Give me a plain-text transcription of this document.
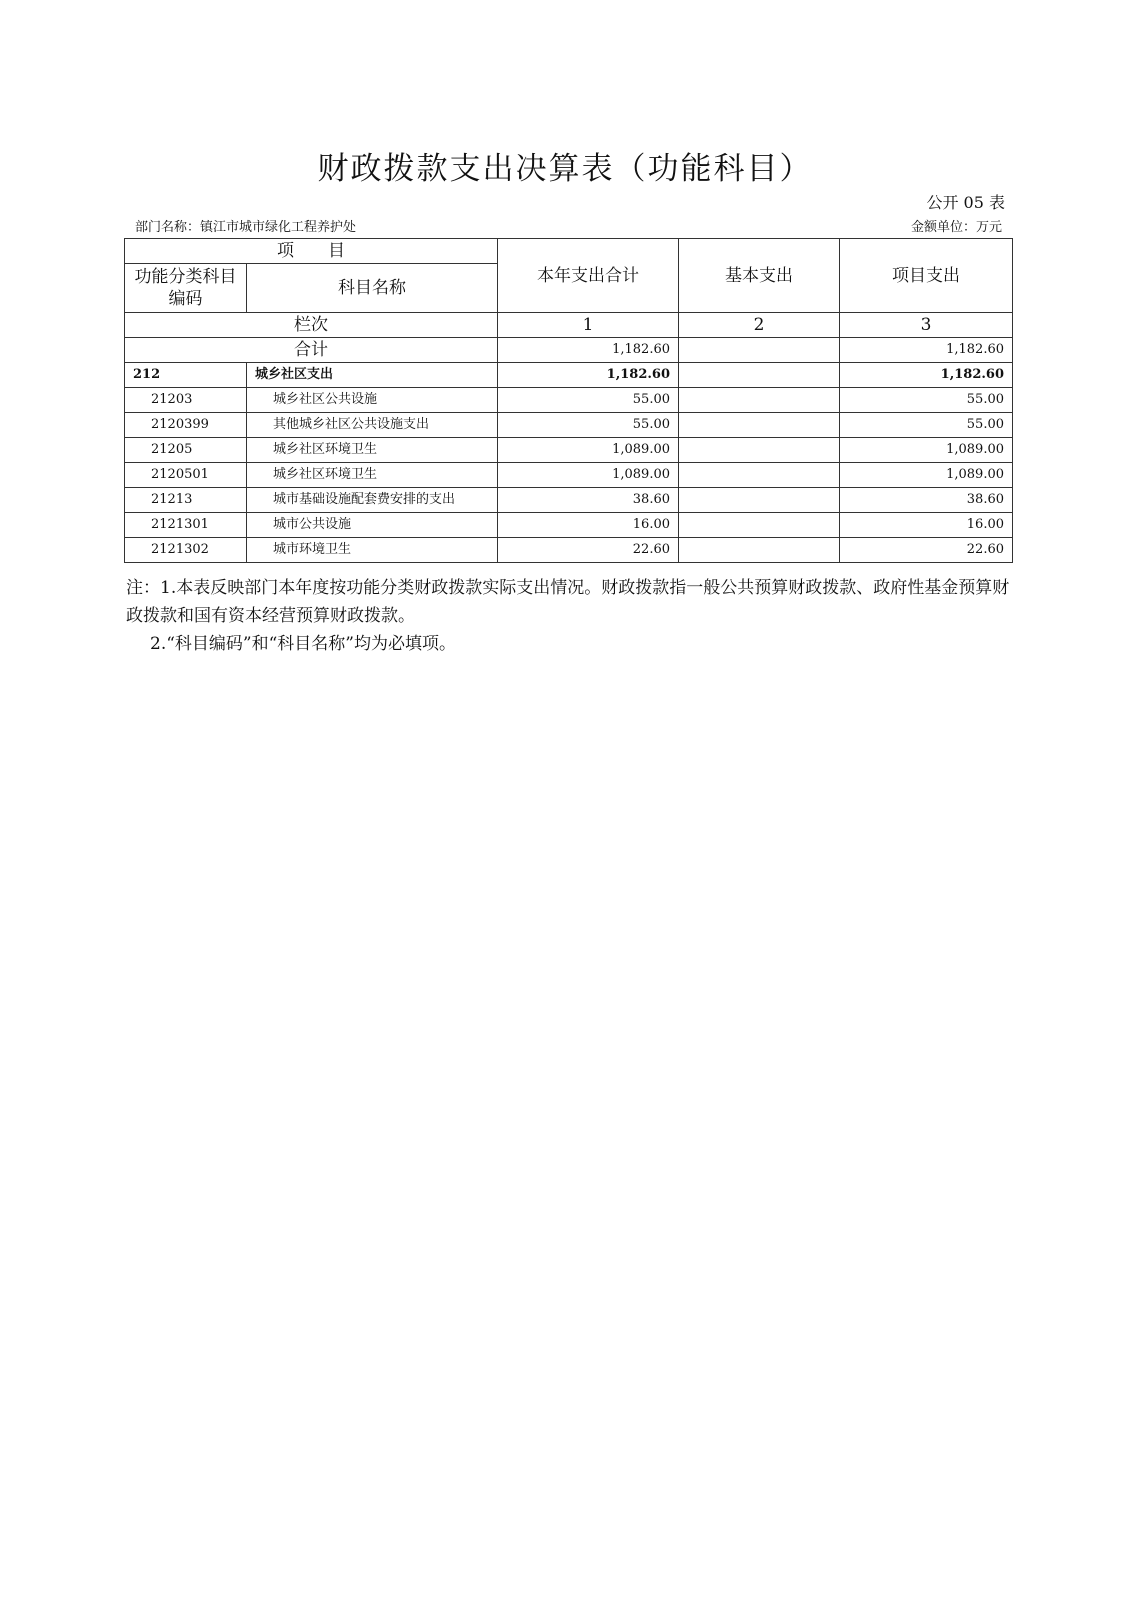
财政拨款支出决算表（功能科目）
公开 05 表
部门名称：镇江市城市绿化工程养护处	金额单位：万元
项　　目		本年支出合计	基本支出	项目支出
功能分类科目编码	科目名称			
栏次		1	2	3
合计		1,182.60		1,182.60
212	城乡社区支出	1,182.60		1,182.60
21203	城乡社区公共设施	55.00		55.00
2120399	其他城乡社区公共设施支出	55.00		55.00
21205	城乡社区环境卫生	1,089.00		1,089.00
2120501	城乡社区环境卫生	1,089.00		1,089.00
21213	城市基础设施配套费安排的支出	38.60		38.60
2121301	城市公共设施	16.00		16.00
2121302	城市环境卫生	22.60		22.60

注：1.本表反映部门本年度按功能分类财政拨款实际支出情况。财政拨款指一般公共预算财政拨款、政府性基金预算财政拨款和国有资本经营预算财政拨款。

2.“科目编码”和“科目名称”均为必填项。
